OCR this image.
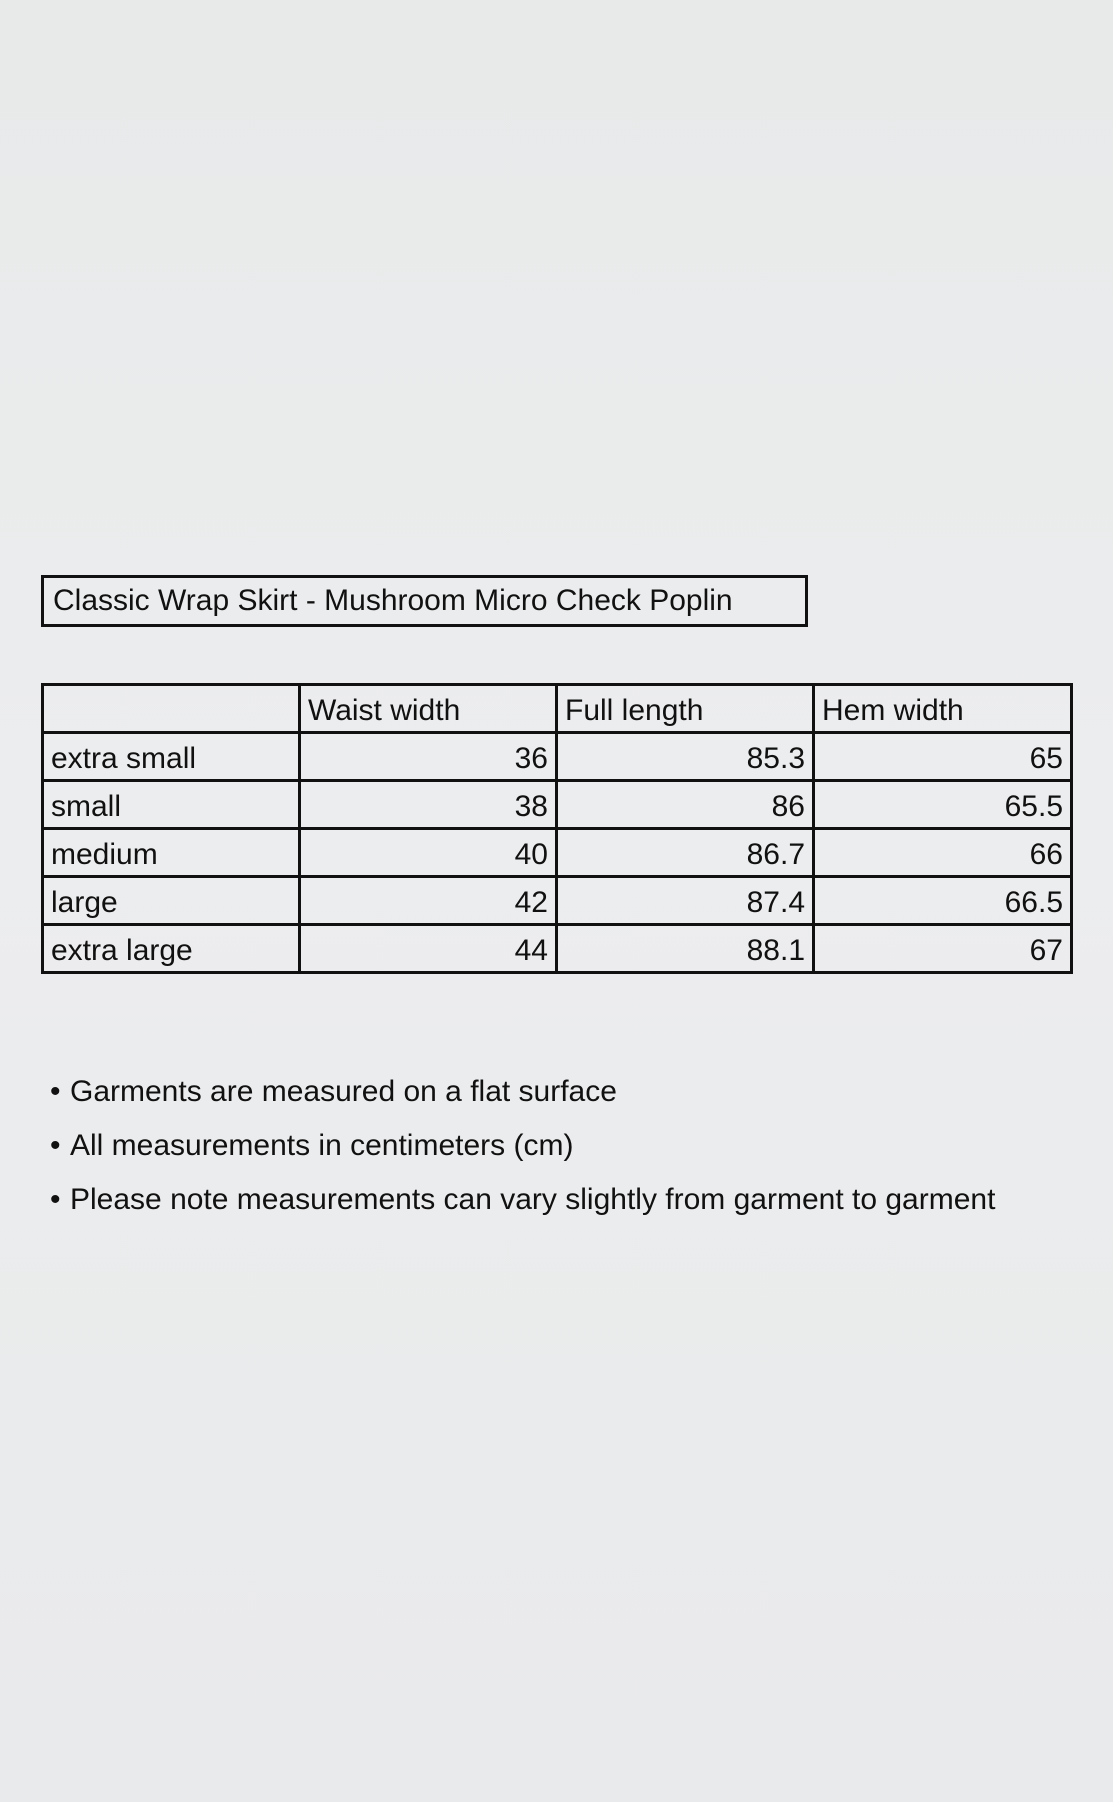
Classic Wrap Skirt - Mushroom Micro Check Poplin
	Waist width	Full length	Hem width
extra small	36	85.3	65
small	38	86	65.5
medium	40	86.7	66
large	42	87.4	66.5
extra large	44	88.1	67
• Garments are measured on a flat surface
• All measurements in centimeters (cm)
• Please note measurements can vary slightly from garment to garment
